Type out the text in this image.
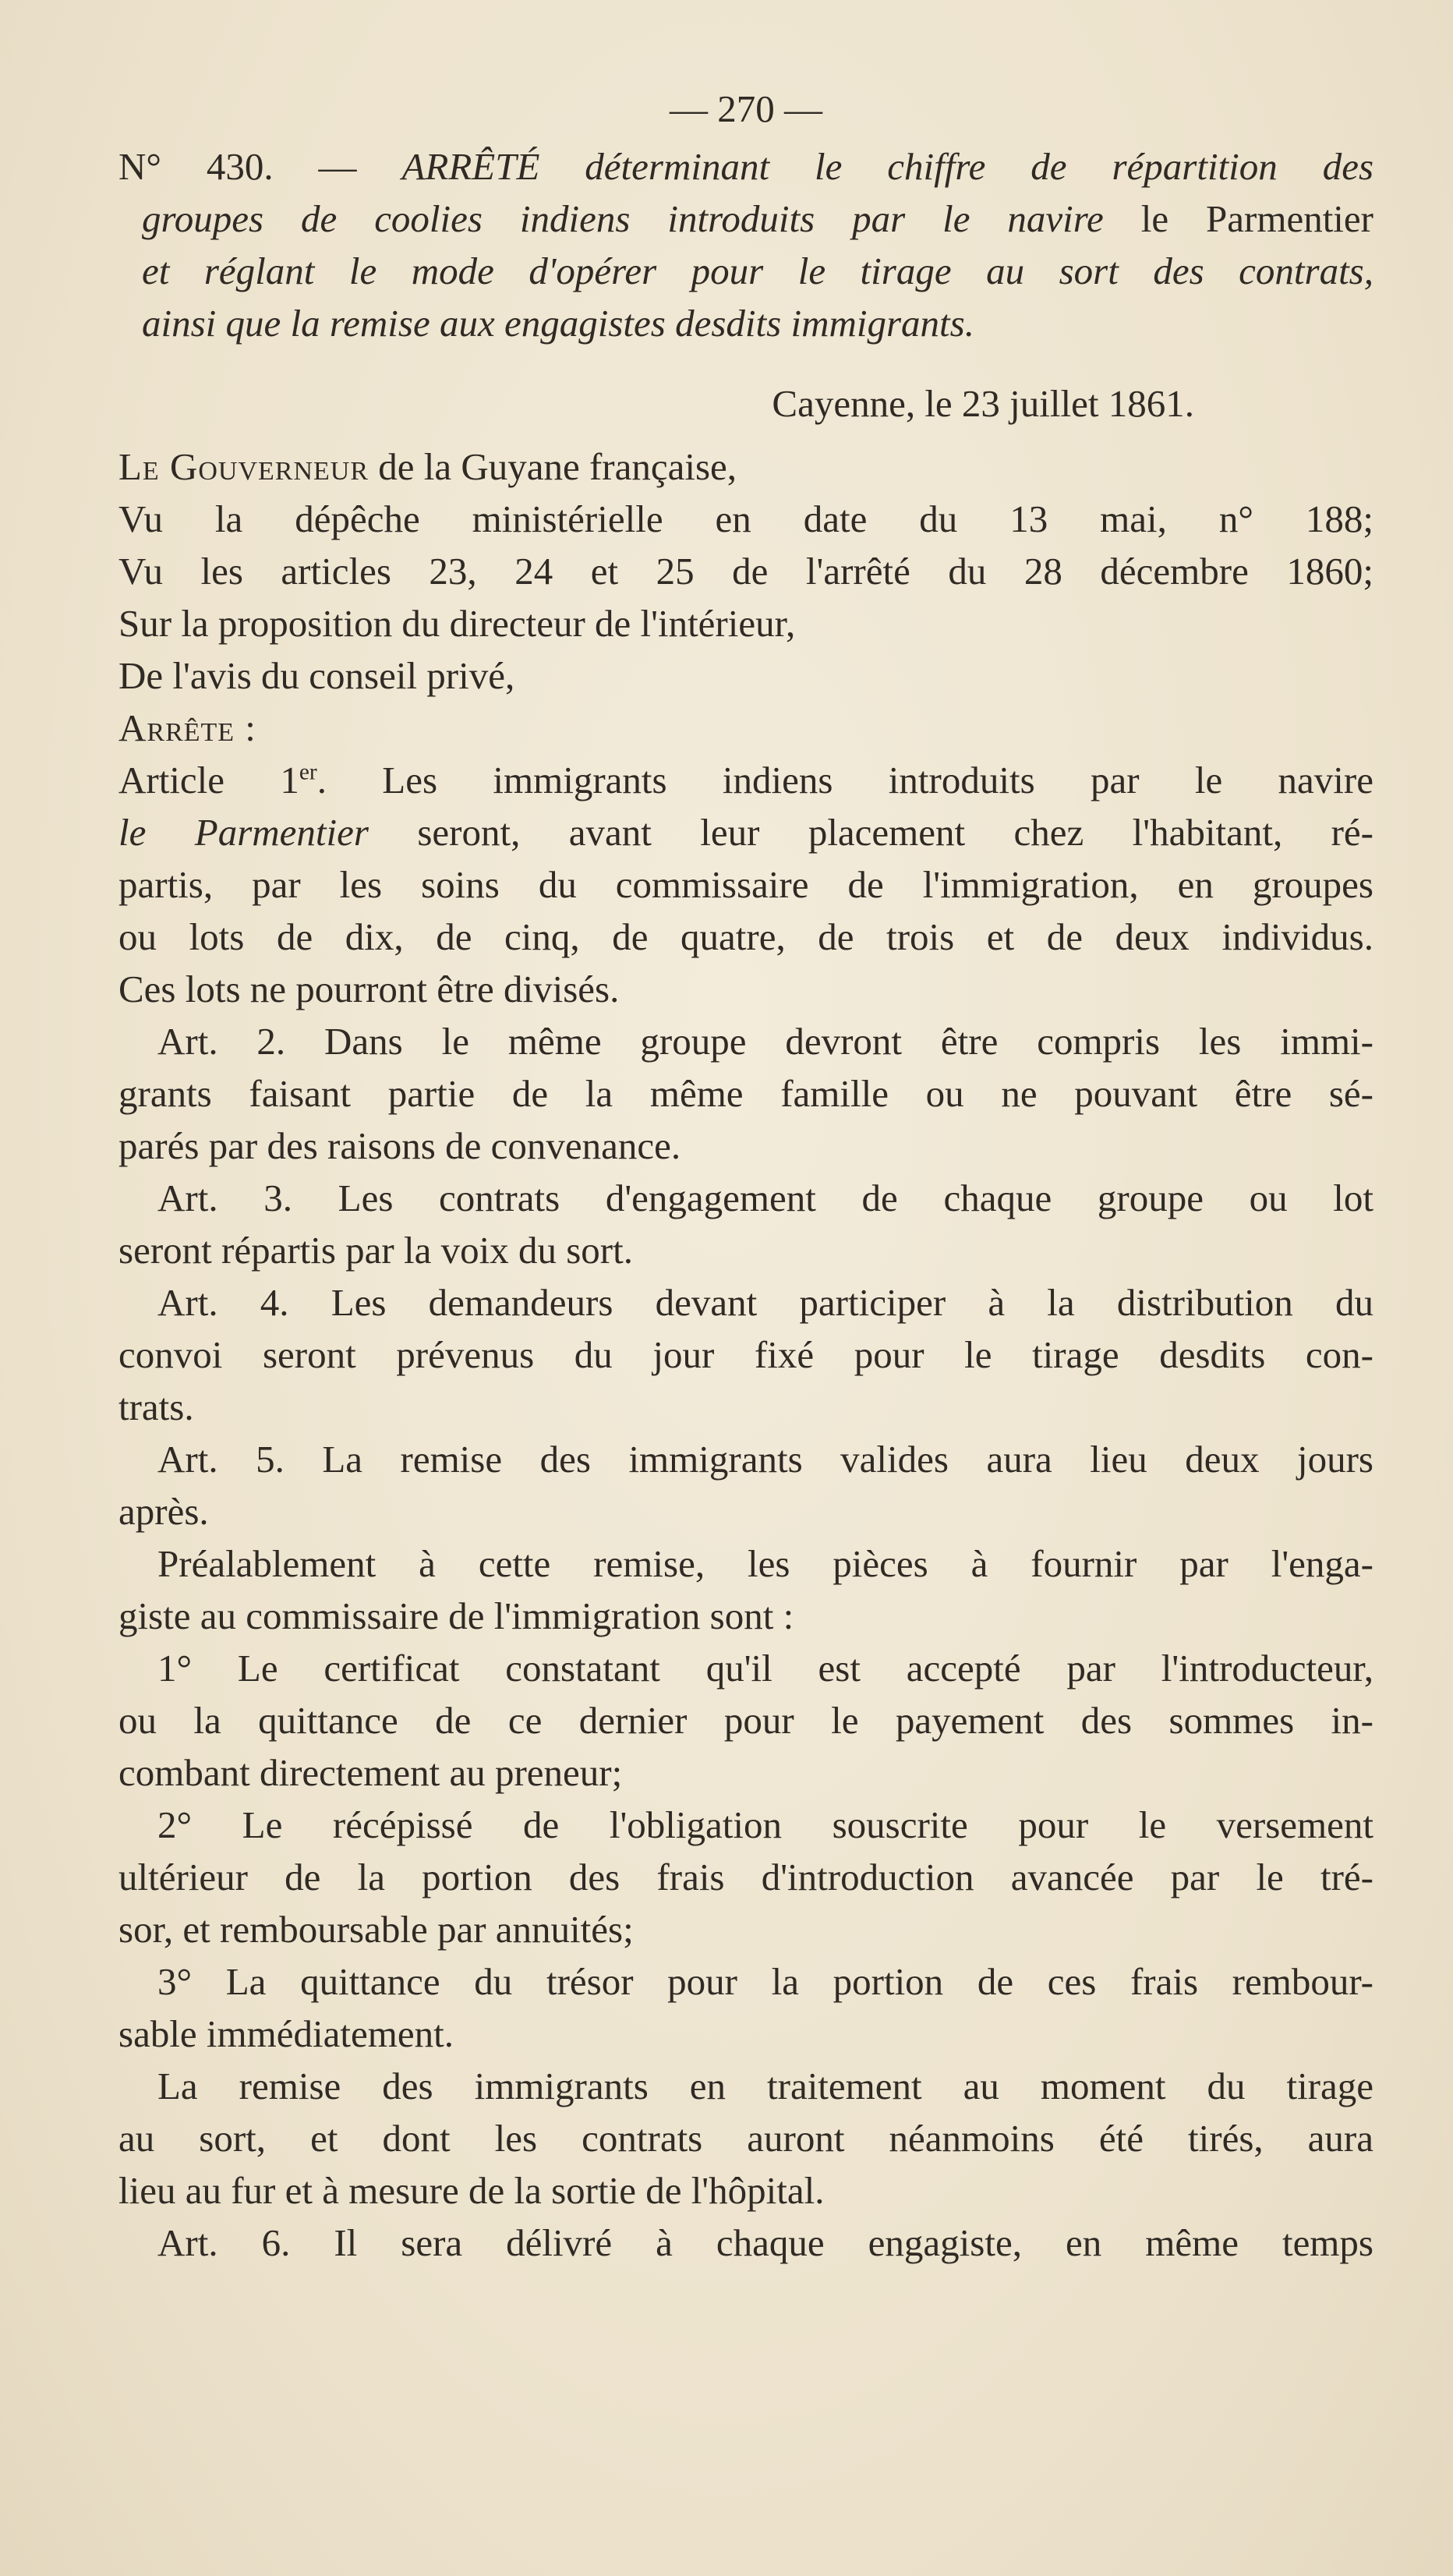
— 270 —
N° 430. — ARRÊTÉ déterminant le chiffre de répartition des
groupes de coolies indiens introduits par le navire le Parmentier
et réglant le mode d'opérer pour le tirage au sort des contrats,
ainsi que la remise aux engagistes desdits immigrants.
Cayenne, le 23 juillet 1861.
Le Gouverneur de la Guyane française,
Vu la dépêche ministérielle en date du 13 mai, n° 188;
Vu les articles 23, 24 et 25 de l'arrêté du 28 décembre 1860;
Sur la proposition du directeur de l'intérieur,
De l'avis du conseil privé,
Arrête :
Article 1er. Les immigrants indiens introduits par le navire
le Parmentier seront, avant leur placement chez l'habitant, ré-
partis, par les soins du commissaire de l'immigration, en groupes
ou lots de dix, de cinq, de quatre, de trois et de deux individus.
Ces lots ne pourront être divisés.
Art. 2. Dans le même groupe devront être compris les immi-
grants faisant partie de la même famille ou ne pouvant être sé-
parés par des raisons de convenance.
Art. 3. Les contrats d'engagement de chaque groupe ou lot
seront répartis par la voix du sort.
Art. 4. Les demandeurs devant participer à la distribution du
convoi seront prévenus du jour fixé pour le tirage desdits con-
trats.
Art. 5. La remise des immigrants valides aura lieu deux jours
après.
Préalablement à cette remise, les pièces à fournir par l'enga-
giste au commissaire de l'immigration sont :
1° Le certificat constatant qu'il est accepté par l'introducteur,
ou la quittance de ce dernier pour le payement des sommes in-
combant directement au preneur;
2° Le récépissé de l'obligation souscrite pour le versement
ultérieur de la portion des frais d'introduction avancée par le tré-
sor, et remboursable par annuités;
3° La quittance du trésor pour la portion de ces frais rembour-
sable immédiatement.
La remise des immigrants en traitement au moment du tirage
au sort, et dont les contrats auront néanmoins été tirés, aura
lieu au fur et à mesure de la sortie de l'hôpital.
Art. 6. Il sera délivré à chaque engagiste, en même temps
